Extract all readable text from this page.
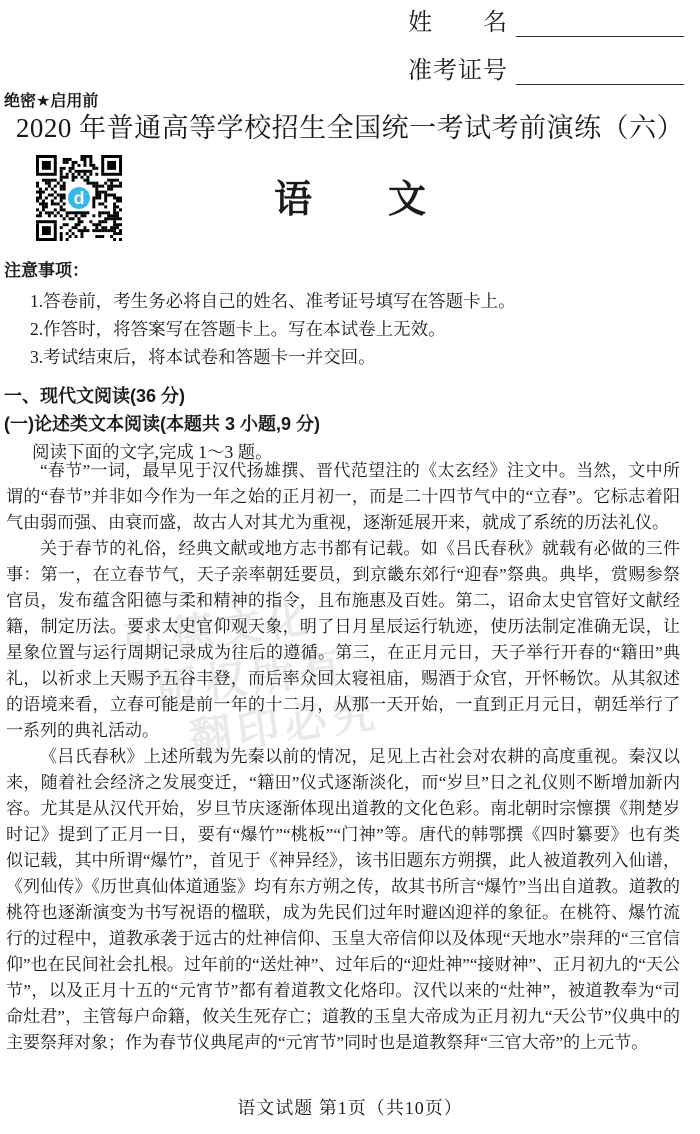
姓　　名
准考证号
绝密★启用前
2020 年普通高等学校招生全国统一考试考前演练（六）
d	语　　文
注意事项：
1.答卷前，考生务必将自己的姓名、准考证号填写在答题卡上。
2.作答时，将答案写在答题卡上。写在本试卷上无效。
3.考试结束后，将本试卷和答题卡一并交回。
一、现代文阅读(36 分)
(一)论述类文本阅读(本题共 3 小题,9 分)
阅读下面的文字,完成 1～3 题。
弘德文化
版权所有
翻印必究

“春节”一词，最早见于汉代扬雄撰、晋代范望注的《太玄经》注文中。当然，文中所谓的“春节”并非如今作为一年之始的正月初一，而是二十四节气中的“立春”。它标志着阳气由弱而强、由衰而盛，故古人对其尤为重视，逐渐延展开来，就成了系统的历法礼仪。

关于春节的礼俗，经典文献或地方志书都有记载。如《吕氏春秋》就载有必做的三件事：第一，在立春节气，天子亲率朝廷要员，到京畿东郊行“迎春”祭典。典毕，赏赐参祭官员，发布蕴含阳德与柔和精神的指令，且布施惠及百姓。第二，诏命太史官管好文献经籍，制定历法。要求太史官仰观天象，明了日月星辰运行轨迹，使历法制定准确无误，让星象位置与运行周期记录成为往后的遵循。第三，在正月元日，天子举行开春的“籍田”典礼，以祈求上天赐予五谷丰登，而后率众回太寝祖庙，赐酒于众官，开怀畅饮。从其叙述的语境来看，立春可能是前一年的十二月，从那一天开始，一直到正月元日，朝廷举行了一系列的典礼活动。

《吕氏春秋》上述所载为先秦以前的情况，足见上古社会对农耕的高度重视。秦汉以来，随着社会经济之发展变迁，“籍田”仪式逐渐淡化，而“岁旦”日之礼仪则不断增加新内容。尤其是从汉代开始，岁旦节庆逐渐体现出道教的文化色彩。南北朝时宗懔撰《荆楚岁时记》提到了正月一日，要有“爆竹”“桃板”“门神”等。唐代的韩鄂撰《四时纂要》也有类似记载，其中所谓“爆竹”，首见于《神异经》，该书旧题东方朔撰，此人被道教列入仙谱，《列仙传》《历世真仙体道通鉴》均有东方朔之传，故其书所言“爆竹”当出自道教。道教的桃符也逐渐演变为书写祝语的楹联，成为先民们过年时避凶迎祥的象征。在桃符、爆竹流行的过程中，道教承袭于远古的灶神信仰、玉皇大帝信仰以及体现“天地水”崇拜的“三官信仰”也在民间社会扎根。过年前的“送灶神”、过年后的“迎灶神”“接财神”、正月初九的“天公节”，以及正月十五的“元宵节”都有着道教文化烙印。汉代以来的“灶神”，被道教奉为“司命灶君”，主管每户命籍，攸关生死存亡；道教的玉皇大帝成为正月初九“天公节”仪典中的主要祭拜对象；作为春节仪典尾声的“元宵节”同时也是道教祭拜“三官大帝”的上元节。

语文试题 第1页（共10页）
